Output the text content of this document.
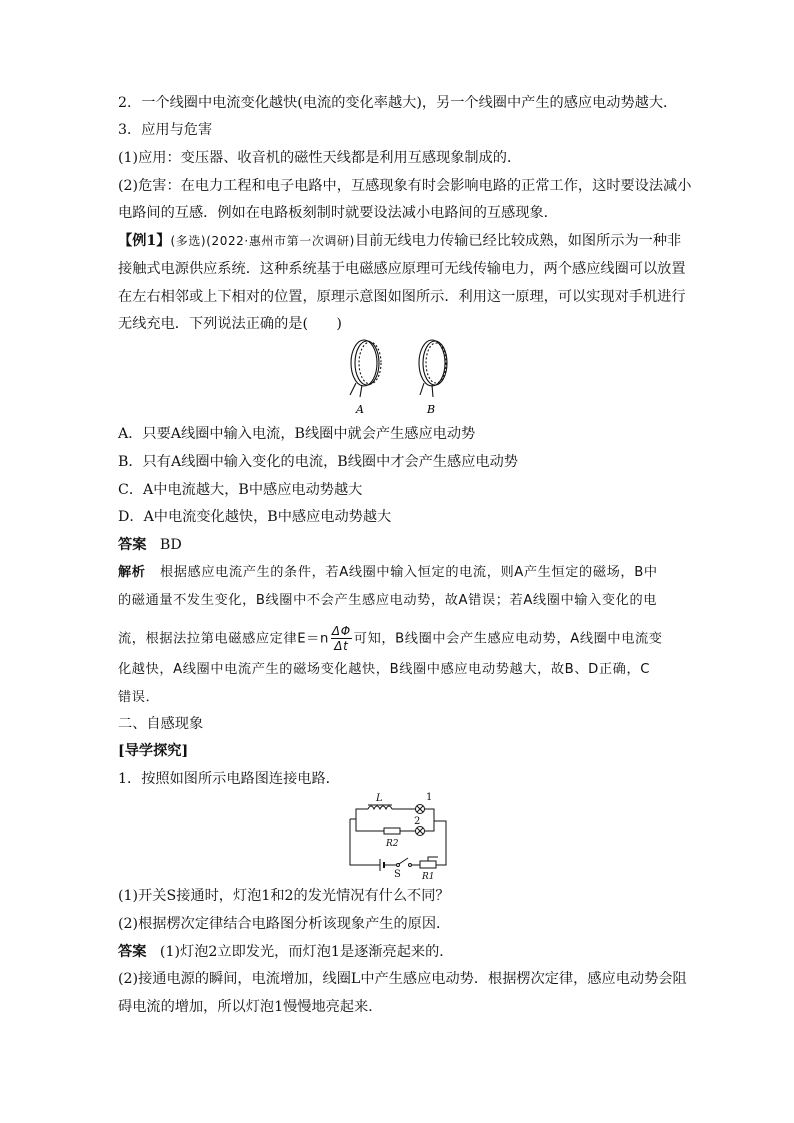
2．一个线圈中电流变化越快(电流的变化率越大)，另一个线圈中产生的感应电动势越大．
3．应用与危害
(1)应用：变压器、收音机的磁性天线都是利用互感现象制成的．
(2)危害：在电力工程和电子电路中，互感现象有时会影响电路的正常工作，这时要设法减小
电路间的互感．例如在电路板刻制时就要设法减小电路间的互感现象．
【例1】(多选)(2022·惠州市第一次调研)目前无线电力传输已经比较成熟，如图所示为一种非
接触式电源供应系统．这种系统基于电磁感应原理可无线传输电力，两个感应线圈可以放置
在左右相邻或上下相对的位置，原理示意图如图所示．利用这一原理，可以实现对手机进行
无线充电．下列说法正确的是(　　)
A	B
A．只要A线圈中输入电流，B线圈中就会产生感应电动势
B．只有A线圈中输入变化的电流，B线圈中才会产生感应电动势
C．A中电流越大，B中感应电动势越大
D．A中电流变化越快，B中感应电动势越大
答案 BD
解析 根据感应电流产生的条件，若A线圈中输入恒定的电流，则A产生恒定的磁场，B中
的磁通量不发生变化，B线圈中不会产生感应电动势，故A错误；若A线圈中输入变化的电
流，根据法拉第电磁感应定律$E=n \frac{\Delta\Phi}{\Delta t}$ 可知，B线圈中会产生感应电动势，A线圈中电流变
化越快，A线圈中电流产生的磁场变化越快，B线圈中感应电动势越大，故B、D正确，C
错误．
二、自感现象
[导学探究]
1．按照如图所示电路图连接电路．
L	1
2
R2
S R1
(1)开关S接通时，灯泡1和2的发光情况有什么不同？
(2)根据楞次定律结合电路图分析该现象产生的原因．
答案 (1)灯泡2立即发光，而灯泡1是逐渐亮起来的．
(2)接通电源的瞬间，电流增加，线圈L中产生感应电动势．根据楞次定律，感应电动势会阻
碍电流的增加，所以灯泡1慢慢地亮起来．
